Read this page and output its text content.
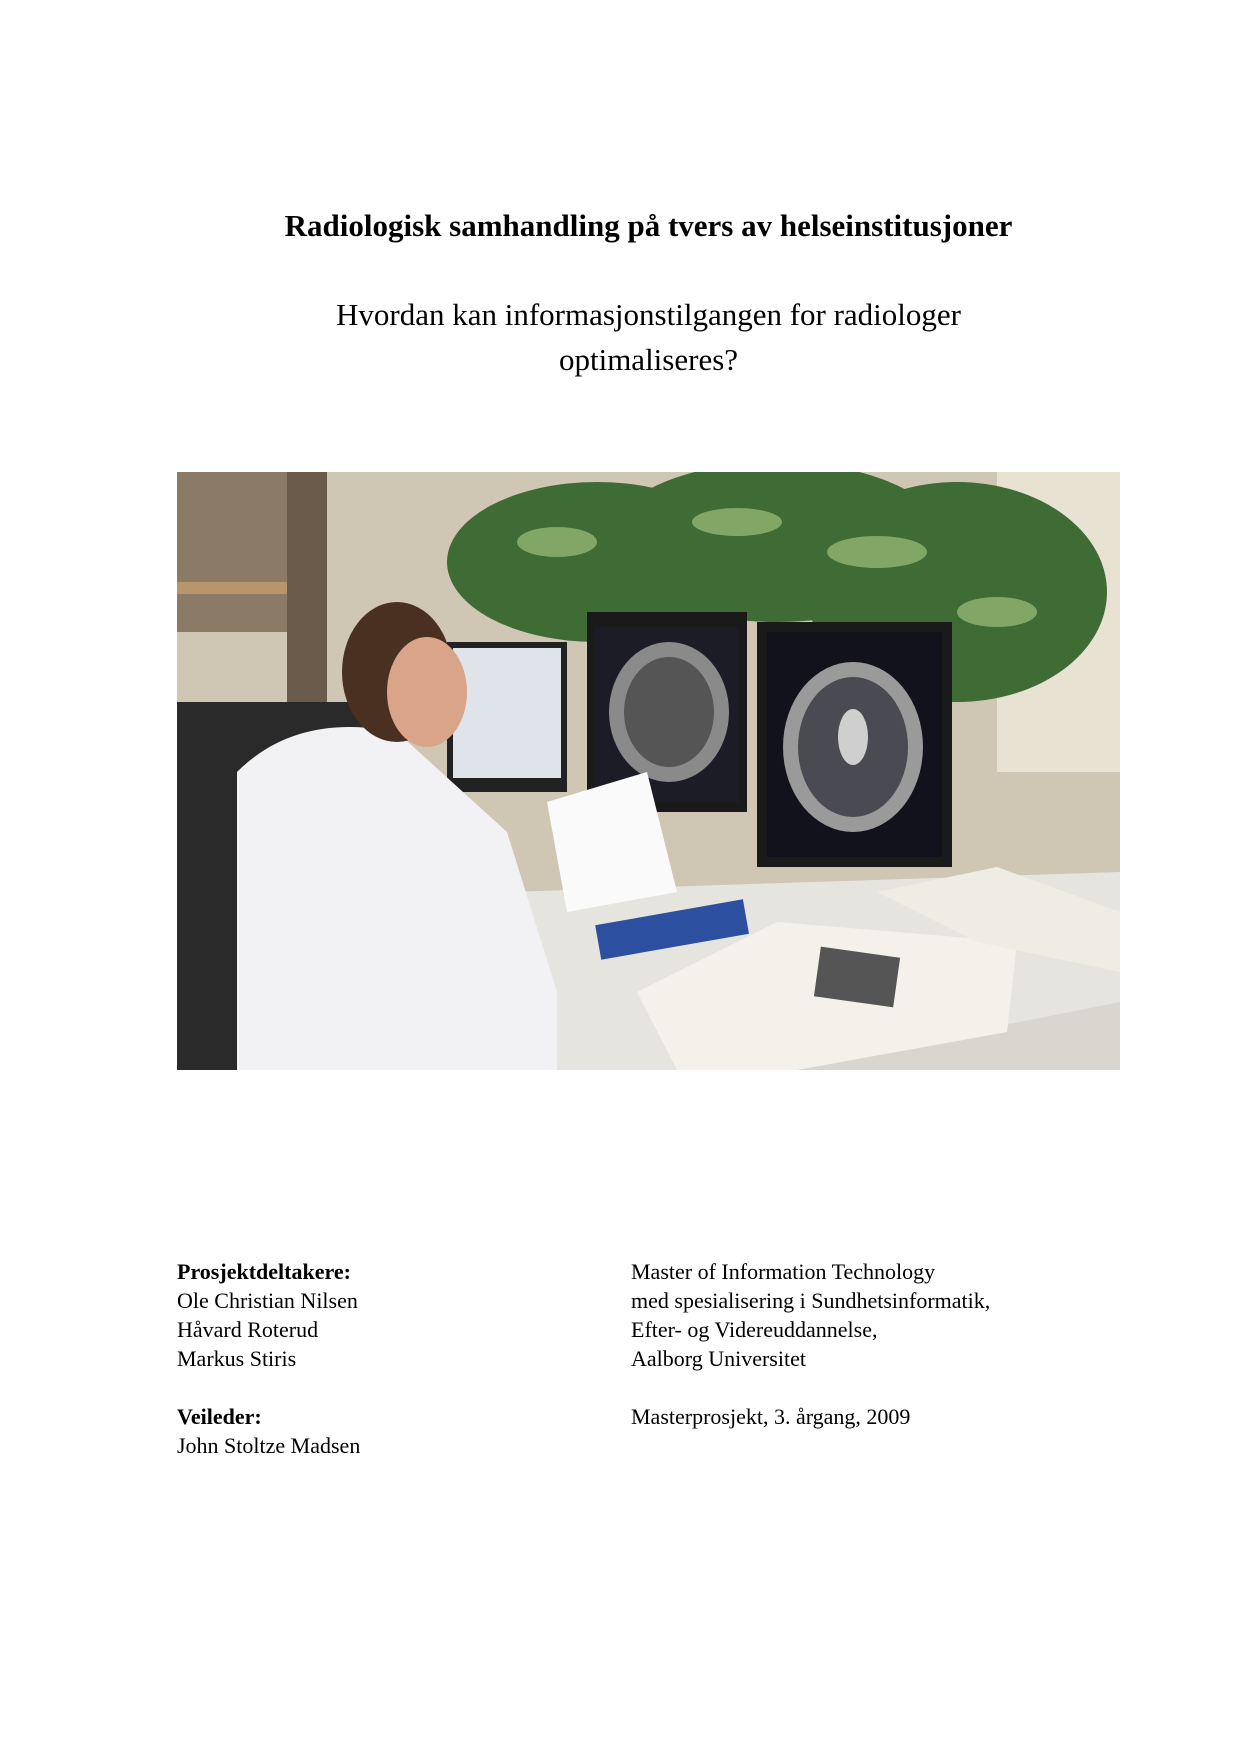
Radiologisk samhandling på tvers av helseinstitusjoner
Hvordan kan informasjonstilgangen for radiologer
optimaliseres?
Prosjektdeltakere:
Ole Christian Nilsen
Håvard Roterud
Markus Stiris
Veileder:
John Stoltze Madsen
Master of Information Technology
med spesialisering i Sundhetsinformatik,
Efter- og Videreuddannelse,
Aalborg Universitet
Masterprosjekt, 3. årgang, 2009
